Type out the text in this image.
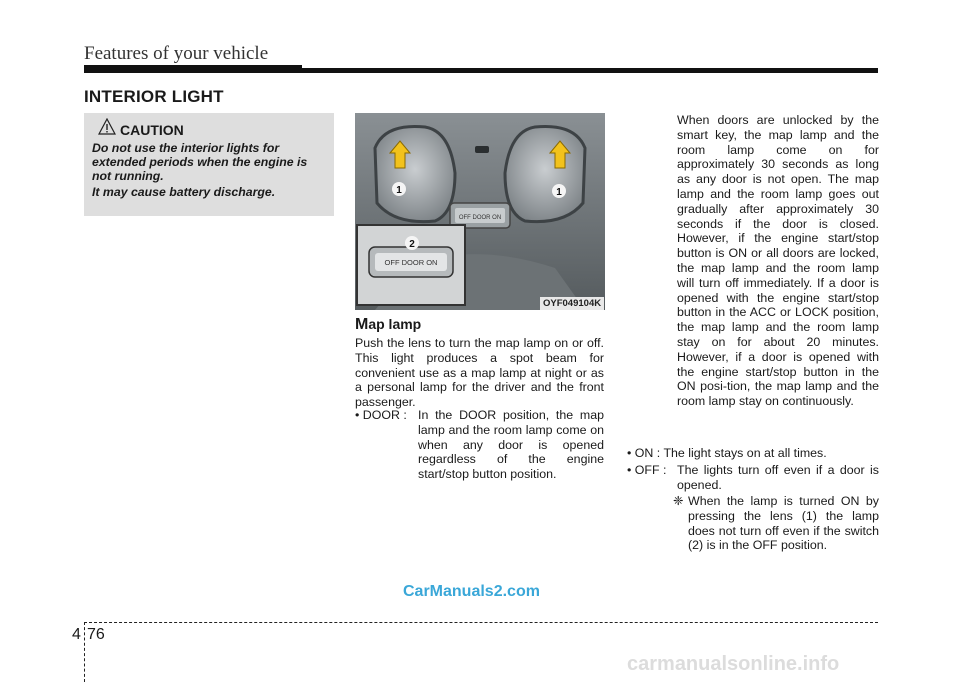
Features of your vehicle
INTERIOR LIGHT
CAUTION

Do not use the interior lights for extended periods when the engine is not running.

It may cause battery discharge.

OFF DOOR ON
OFF DOOR ON
1	1
2
OYF049104K
Map lamp
Push the lens to turn the map lamp on or off. This light produces a spot beam for convenient use as a map lamp at night or as a personal lamp for the driver and the front passenger.
• DOOR : In the DOOR position, the map lamp and the room lamp come on when any door is opened regardless of the engine start/stop button position.
When doors are unlocked by the smart key, the map lamp and the room lamp come on for approximately 30 seconds as long as any door is not open. The map lamp and the room lamp goes out gradually after approximately 30 seconds if the door is closed. However, if the engine start/stop button is ON or all doors are locked, the map lamp and the room lamp will turn off immediately. If a door is opened with the engine start/stop button in the ACC or LOCK position, the map lamp and the room lamp stay on for about 20 minutes. However, if a door is opened with the engine start/stop button in the ON posi-tion, the map lamp and the room lamp stay on continuously.
• ON : The light stays on at all times.
• OFF : The lights turn off even if a door is opened.
❈ When the lamp is turned ON by pressing the lens (1) the lamp does not turn off even if the switch (2) is in the OFF position.
CarManuals2.com
4 76
carmanualsonline.info
